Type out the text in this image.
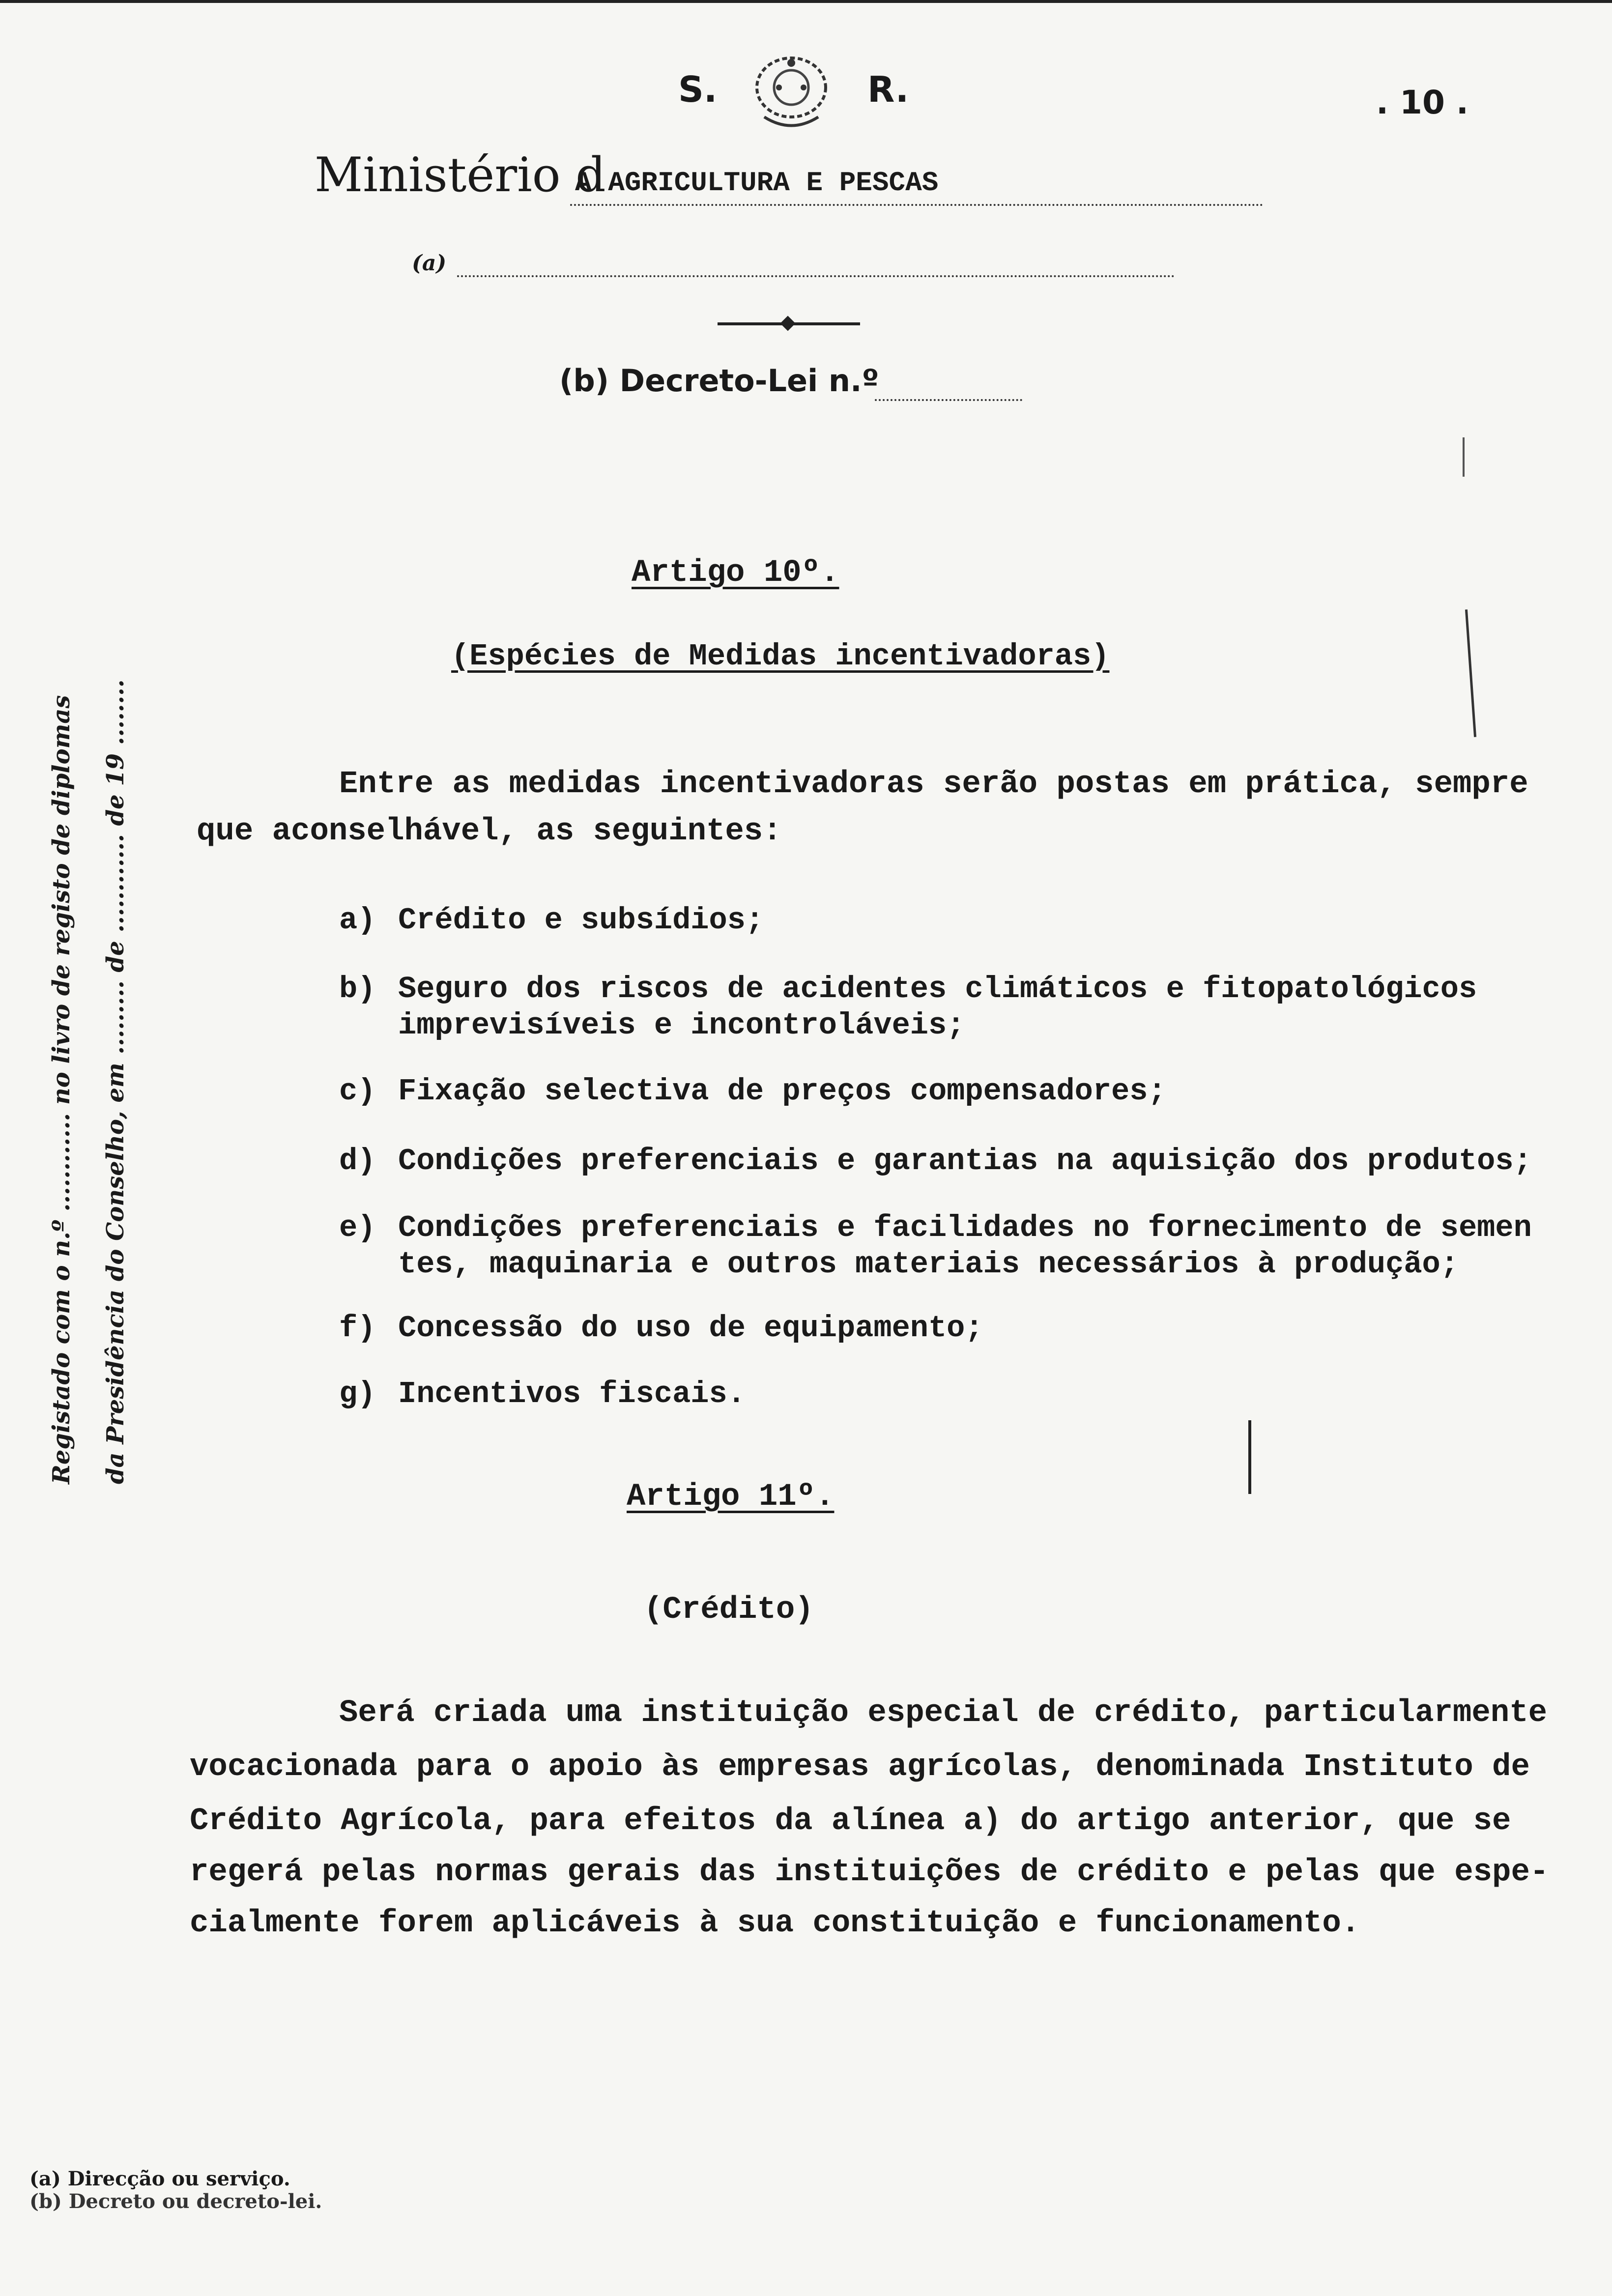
S.	R.	. 10 .
Ministério d
A AGRICULTURA E PESCAS
(a)
(b) Decreto-Lei n.º
Registado com o n.º ............ no livro de registo de diplomas	da Presidência do Conselho, em ......... de ............ de 19 ........
Artigo 10º.
(Espécies de Medidas incentivadoras)
Entre as medidas incentivadoras serão postas em prática, sempre
que aconselhável, as seguintes:
a) Crédito e subsídios;
b) Seguro dos riscos de acidentes climáticos e fitopatológicos
imprevisíveis e incontroláveis;
c) Fixação selectiva de preços compensadores;
d) Condições preferenciais e garantias na aquisição dos produtos;
e) Condições preferenciais e facilidades no fornecimento de semen
tes, maquinaria e outros materiais necessários à produção;
f) Concessão do uso de equipamento;
g) Incentivos fiscais.
Artigo 11º.
(Crédito)
Será criada uma instituição especial de crédito, particularmente
vocacionada para o apoio às empresas agrícolas, denominada Instituto de
Crédito Agrícola, para efeitos da alínea a) do artigo anterior, que se
regerá pelas normas gerais das instituições de crédito e pelas que espe-
cialmente forem aplicáveis à sua constituição e funcionamento.
(a) Direcção ou serviço.
(b) Decreto ou decreto-lei.
